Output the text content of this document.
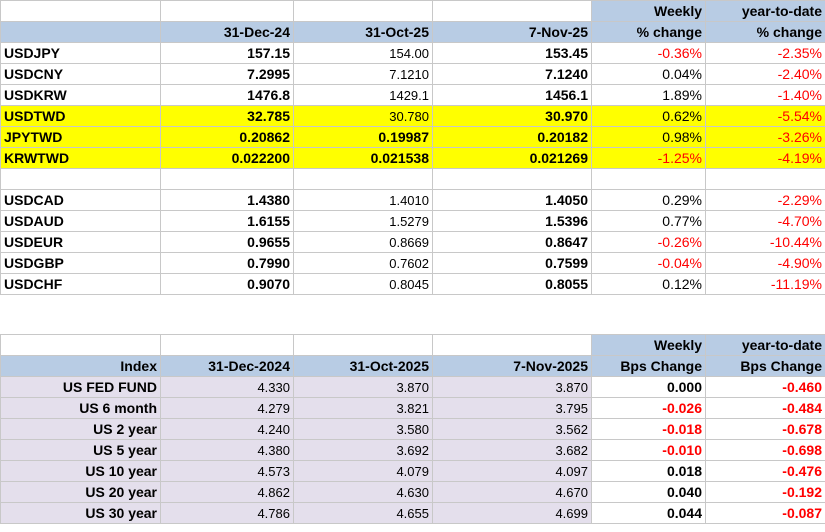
				Weekly	year-to-date
	31-Dec-24	31-Oct-25	7-Nov-25	% change	% change
USDJPY	157.15	154.00	153.45	-0.36%	-2.35%
USDCNY	7.2995	7.1210	7.1240	0.04%	-2.40%
USDKRW	1476.8	1429.1	1456.1	1.89%	-1.40%
USDTWD	32.785	30.780	30.970	0.62%	-5.54%
JPYTWD	0.20862	0.19987	0.20182	0.98%	-3.26%
KRWTWD	0.022200	0.021538	0.021269	-1.25%	-4.19%

USDCAD	1.4380	1.4010	1.4050	0.29%	-2.29%
USDAUD	1.6155	1.5279	1.5396	0.77%	-4.70%
USDEUR	0.9655	0.8669	0.8647	-0.26%	-10.44%
USDGBP	0.7990	0.7602	0.7599	-0.04%	-4.90%
USDCHF	0.9070	0.8045	0.8055	0.12%	-11.19%
				Weekly	year-to-date
Index	31-Dec-2024	31-Oct-2025	7-Nov-2025	Bps Change	Bps Change
US FED FUND	4.330	3.870	3.870	0.000	-0.460
US 6 month	4.279	3.821	3.795	-0.026	-0.484
US 2 year	4.240	3.580	3.562	-0.018	-0.678
US 5 year	4.380	3.692	3.682	-0.010	-0.698
US 10 year	4.573	4.079	4.097	0.018	-0.476
US 20 year	4.862	4.630	4.670	0.040	-0.192
US 30 year	4.786	4.655	4.699	0.044	-0.087
